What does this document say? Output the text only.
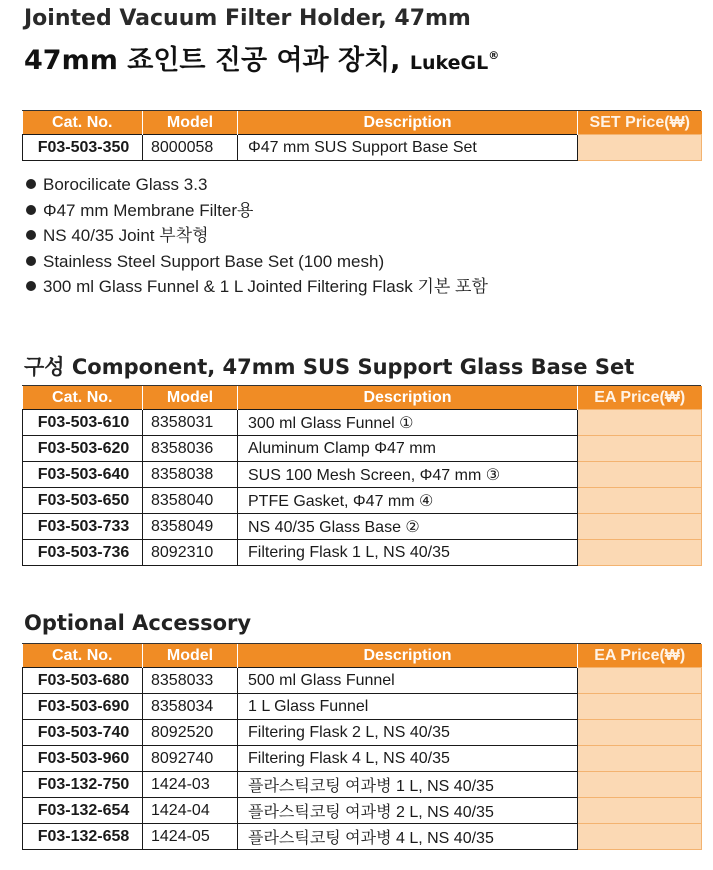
Jointed Vacuum Filter Holder, 47mm
47mm 죠인트 진공 여과 장치, LukeGL®
Cat. No.	Model	Description	SET Price(₩)
F03-503-350	8000058	Φ47 mm SUS Support Base Set	
Borocilicate Glass 3.3
Φ47 mm Membrane Filter용
NS 40/35 Joint 부착형
Stainless Steel Support Base Set (100 mesh)
300 ml Glass Funnel & 1 L Jointed Filtering Flask 기본 포함
구성 Component, 47mm SUS Support Glass Base Set
Cat. No.	Model	Description	EA Price(₩)
F03-503-610	8358031	300 ml Glass Funnel ①	
F03-503-620	8358036	Aluminum Clamp Φ47 mm	
F03-503-640	8358038	SUS 100 Mesh Screen, Φ47 mm ③	
F03-503-650	8358040	PTFE Gasket, Φ47 mm ④	
F03-503-733	8358049	NS 40/35 Glass Base ②	
F03-503-736	8092310	Filtering Flask 1 L, NS 40/35	
Optional Accessory
Cat. No.	Model	Description	EA Price(₩)
F03-503-680	8358033	500 ml Glass Funnel	
F03-503-690	8358034	1 L Glass Funnel	
F03-503-740	8092520	Filtering Flask 2 L, NS 40/35	
F03-503-960	8092740	Filtering Flask 4 L, NS 40/35	
F03-132-750	1424-03	플라스틱코팅 여과병 1 L, NS 40/35	
F03-132-654	1424-04	플라스틱코팅 여과병 2 L, NS 40/35	
F03-132-658	1424-05	플라스틱코팅 여과병 4 L, NS 40/35	
